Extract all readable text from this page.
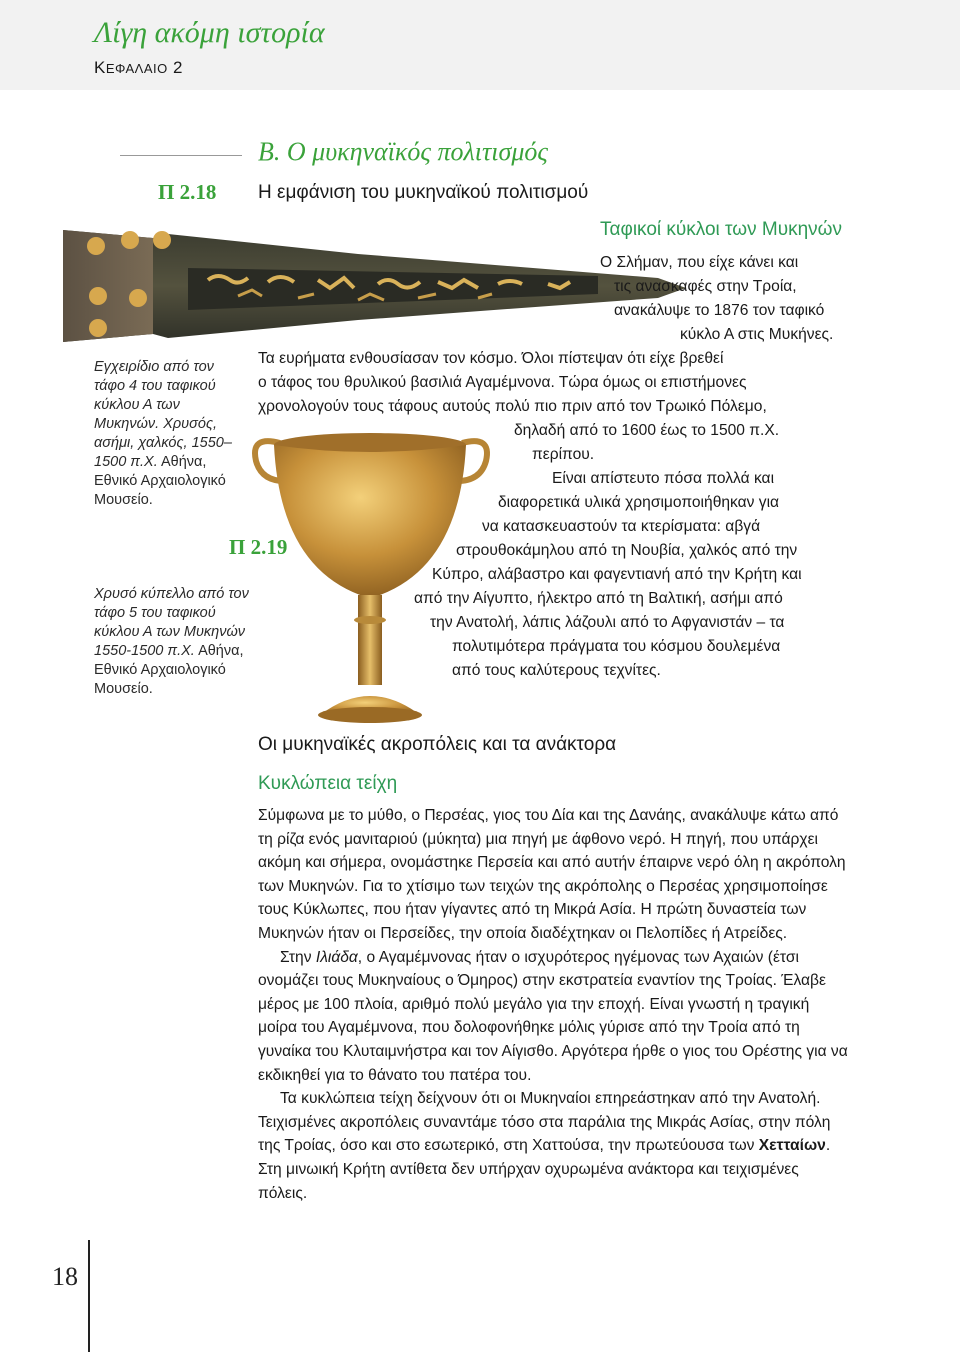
Λίγη ακόμη ιστορία
ΚΕΦΑΛΑΙΟ 2
Β. Ο μυκηναϊκός πολιτισμός
Π 2.18 Η εμφάνιση του μυκηναϊκού πολιτισμού
Εγχειρίδιο από τον τάφο 4 του ταφικού κύκλου Α των Μυκηνών. Χρυσός, ασήμι, χαλκός, 1550–1500 π.Χ. Αθήνα, Εθνικό Αρχαιολογικό Μουσείο.
Π 2.19
Χρυσό κύπελλο από τον τάφο 5 του ταφικού κύκλου Α των Μυκηνών 1550-1500 π.Χ. Αθήνα, Εθνικό Αρχαιολογικό Μουσείο.
Ταφικοί κύκλοι των Μυκηνών
Ο Σλήμαν, που είχε κάνει και
τις ανασκαφές στην Τροία,
ανακάλυψε το 1876 τον ταφικό
κύκλο Α στις Μυκήνες.
Τα ευρήματα ενθουσίασαν τον κόσμο. Όλοι πίστεψαν ότι είχε βρεθεί
ο τάφος του θρυλικού βασιλιά Αγαμέμνονα. Τώρα όμως οι επιστήμονες
χρονολογούν τους τάφους αυτούς πολύ πιο πριν από τον Τρωικό Πόλεμο,
δηλαδή από το 1600 έως το 1500 π.Χ.
περίπου.
Είναι απίστευτο πόσα πολλά και
διαφορετικά υλικά χρησιμοποιήθηκαν για
να κατασκευαστούν τα κτερίσματα: αβγά
στρουθοκάμηλου από τη Νουβία, χαλκός από την
Κύπρο, αλάβαστρο και φαγεντιανή από την Κρήτη και
από την Αίγυπτο, ήλεκτρο από τη Βαλτική, ασήμι από
την Ανατολή, λάπις λάζουλι από το Αφγανιστάν – τα
πολυτιμότερα πράγματα του κόσμου δουλεμένα
από τους καλύτερους τεχνίτες.
Οι μυκηναϊκές ακροπόλεις και τα ανάκτορα
Κυκλώπεια τείχη

Σύμφωνα με το μύθο, ο Περσέας, γιος του Δία και της Δανάης, ανακάλυψε κάτω από τη ρίζα ενός μανιταριού (μύκητα) μια πηγή με άφθονο νερό. Η πηγή, που υπάρχει ακόμη και σήμερα, ονομάστηκε Περσεία και από αυτήν έπαιρνε νερό όλη η ακρόπολη των Μυκηνών. Για το χτίσιμο των τειχών της ακρόπολης ο Περσέας χρησιμοποίησε τους Κύκλωπες, που ήταν γίγαντες από τη Μικρά Ασία. Η πρώτη δυναστεία των Μυκηνών ήταν οι Περσείδες, την οποία διαδέχτηκαν οι Πελοπίδες ή Ατρείδες.

Στην Ιλιάδα, ο Αγαμέμνονας ήταν ο ισχυρότερος ηγέμονας των Αχαιών (έτσι ονομάζει τους Μυκηναίους ο Όμηρος) στην εκστρατεία εναντίον της Τροίας. Έλαβε μέρος με 100 πλοία, αριθμό πολύ μεγάλο για την εποχή. Είναι γνωστή η τραγική μοίρα του Αγαμέμνονα, που δολοφονήθηκε μόλις γύρισε από την Τροία από τη γυναίκα του Κλυταιμνήστρα και τον Αίγισθο. Αργότερα ήρθε ο γιος του Ορέστης για να εκδικηθεί για το θάνατο του πατέρα του.

Τα κυκλώπεια τείχη δείχνουν ότι οι Μυκηναίοι επηρεάστηκαν από την Ανατολή. Τειχισμένες ακροπόλεις συναντάμε τόσο στα παράλια της Μικράς Ασίας, στην πόλη της Τροίας, όσο και στο εσωτερικό, στη Χαττούσα, την πρωτεύουσα των Χετταίων. Στη μινωική Κρήτη αντίθετα δεν υπήρχαν οχυρωμένα ανάκτορα και τειχισμένες πόλεις.

18
